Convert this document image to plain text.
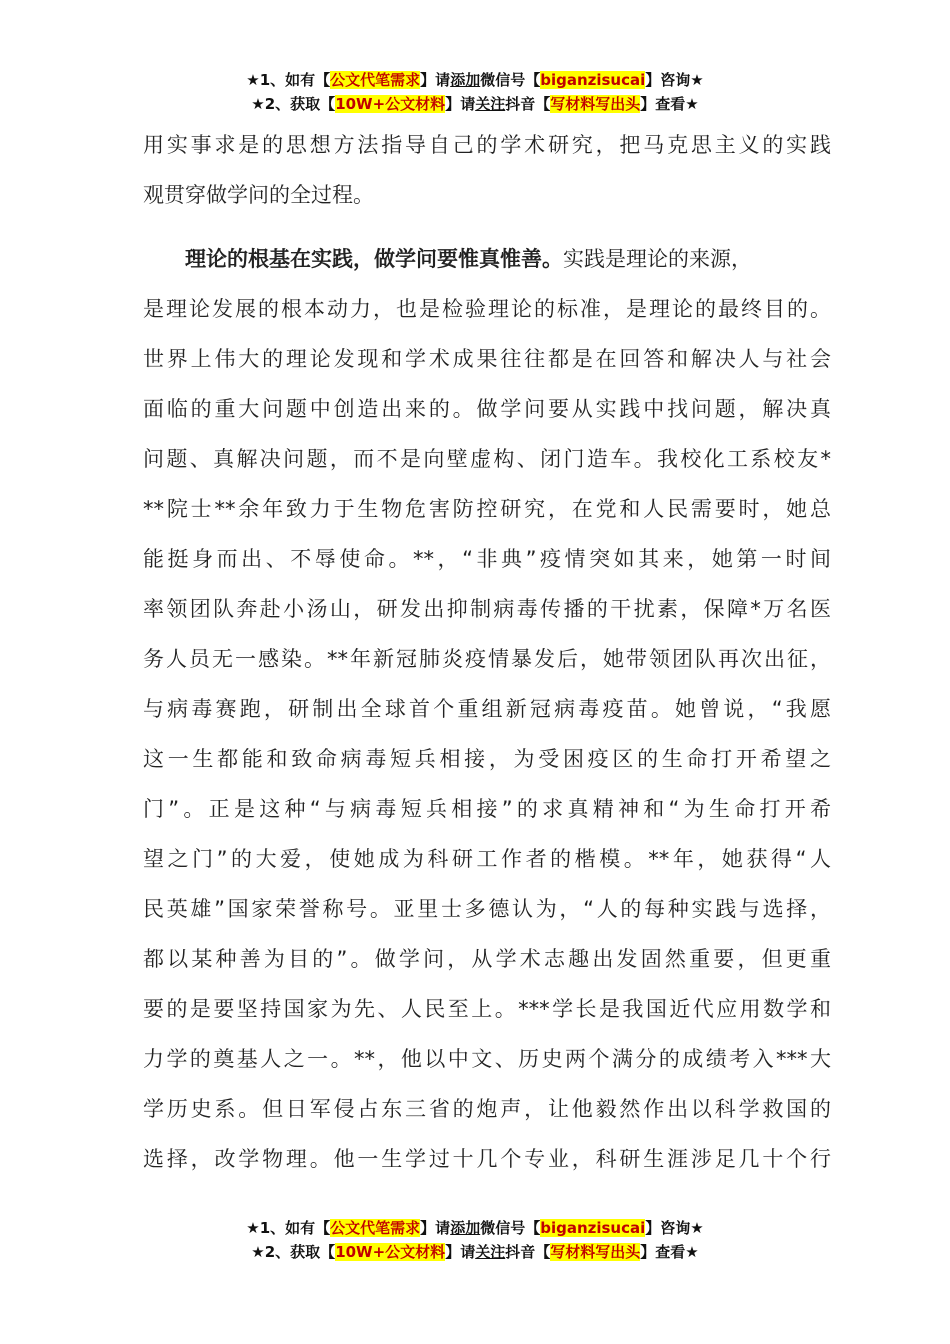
★1、如有【公文代笔需求】请添加微信号【biganzisucai】咨询★
★2、获取【10W+公文材料】请关注抖音【写材料写出头】查看★

用实事求是的思想方法指导自己的学术研究，把马克思主义的实践
观贯穿做学问的全过程。

理论的根基在实践，做学问要惟真惟善。实践是理论的来源，
是理论发展的根本动力，也是检验理论的标准，是理论的最终目的。
世界上伟大的理论发现和学术成果往往都是在回答和解决人与社会
面临的重大问题中创造出来的。做学问要从实践中找问题，解决真
问题、真解决问题，而不是向壁虚构、闭门造车。我校化工系校友*
**院士**余年致力于生物危害防控研究，在党和人民需要时，她总
能挺身而出、不辱使命。**，“非典”疫情突如其来，她第一时间
率领团队奔赴小汤山，研发出抑制病毒传播的干扰素，保障*万名医
务人员无一感染。**年新冠肺炎疫情暴发后，她带领团队再次出征，
与病毒赛跑，研制出全球首个重组新冠病毒疫苗。她曾说，“我愿
这一生都能和致命病毒短兵相接，为受困疫区的生命打开希望之
门”。正是这种“与病毒短兵相接”的求真精神和“为生命打开希
望之门”的大爱，使她成为科研工作者的楷模。**年，她获得“人
民英雄”国家荣誉称号。亚里士多德认为，“人的每种实践与选择，
都以某种善为目的”。做学问，从学术志趣出发固然重要，但更重
要的是要坚持国家为先、人民至上。***学长是我国近代应用数学和
力学的奠基人之一。**，他以中文、历史两个满分的成绩考入***大
学历史系。但日军侵占东三省的炮声，让他毅然作出以科学救国的
选择，改学物理。他一生学过十几个专业，科研生涯涉足几十个行

★1、如有【公文代笔需求】请添加微信号【biganzisucai】咨询★
★2、获取【10W+公文材料】请关注抖音【写材料写出头】查看★
